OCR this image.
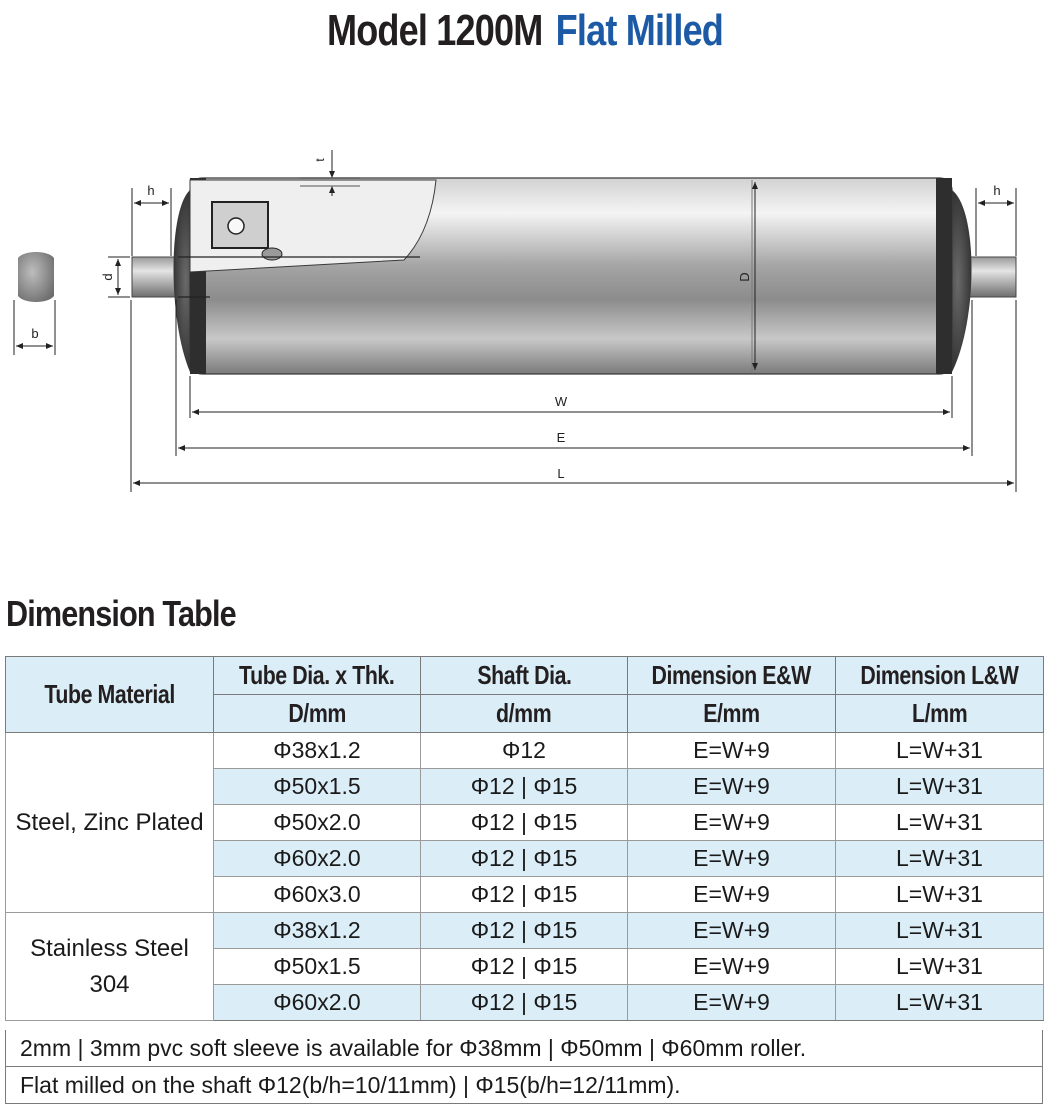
Model 1200M Flat Milled
b
h	h
t
d	D
W
E
L
Dimension Table
Tube Material	Tube Dia. x Thk.	Shaft Dia.	Dimension E&W	Dimension L&W
	D/mm	d/mm	E/mm	L/mm
Steel, Zinc Plated	Φ38x1.2	Φ12	E=W+9	L=W+31
	Φ50x1.5	Φ12 | Φ15	E=W+9	L=W+31
	Φ50x2.0	Φ12 | Φ15	E=W+9	L=W+31
	Φ60x2.0	Φ12 | Φ15	E=W+9	L=W+31
	Φ60x3.0	Φ12 | Φ15	E=W+9	L=W+31

Stainless Steel
304	Φ38x1.2	Φ12 | Φ15	E=W+9	L=W+31
	Φ50x1.5	Φ12 | Φ15	E=W+9	L=W+31
	Φ60x2.0	Φ12 | Φ15	E=W+9	L=W+31
2mm | 3mm pvc soft sleeve is available for Φ38mm | Φ50mm | Φ60mm roller.
Flat milled on the shaft Φ12(b/h=10/11mm) | Φ15(b/h=12/11mm).
